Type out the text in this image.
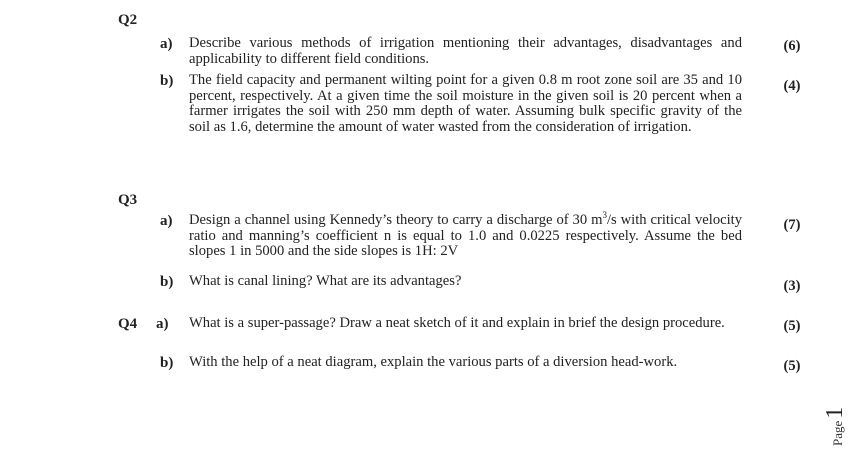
Q2
a) Describe various methods of irrigation mentioning their advantages, disadvantages and applicability to different field conditions.
(6)
b) The field capacity and permanent wilting point for a given 0.8 m root zone soil are 35 and 10 percent, respectively. At a given time the soil moisture in the given soil is 20 percent when a farmer irrigates the soil with 250 mm depth of water. Assuming bulk specific gravity of the soil as 1.6, determine the amount of water wasted from the consideration of irrigation.
(4)
Q3
a) Design a channel using Kennedy’s theory to carry a discharge of 30 $m^3/s$ with critical velocity ratio and manning’s coefficient n is equal to 1.0 and 0.0225 respectively. Assume the bed slopes 1 in 5000 and the side slopes is 1H: 2V
(7)
b) What is canal lining? What are its advantages?	(3)
Q4 a) What is a super-passage? Draw a neat sketch of it and explain in brief the design procedure.	(5)
b) With the help of a neat diagram, explain the various parts of a diversion head-work.	(5)
Page1
